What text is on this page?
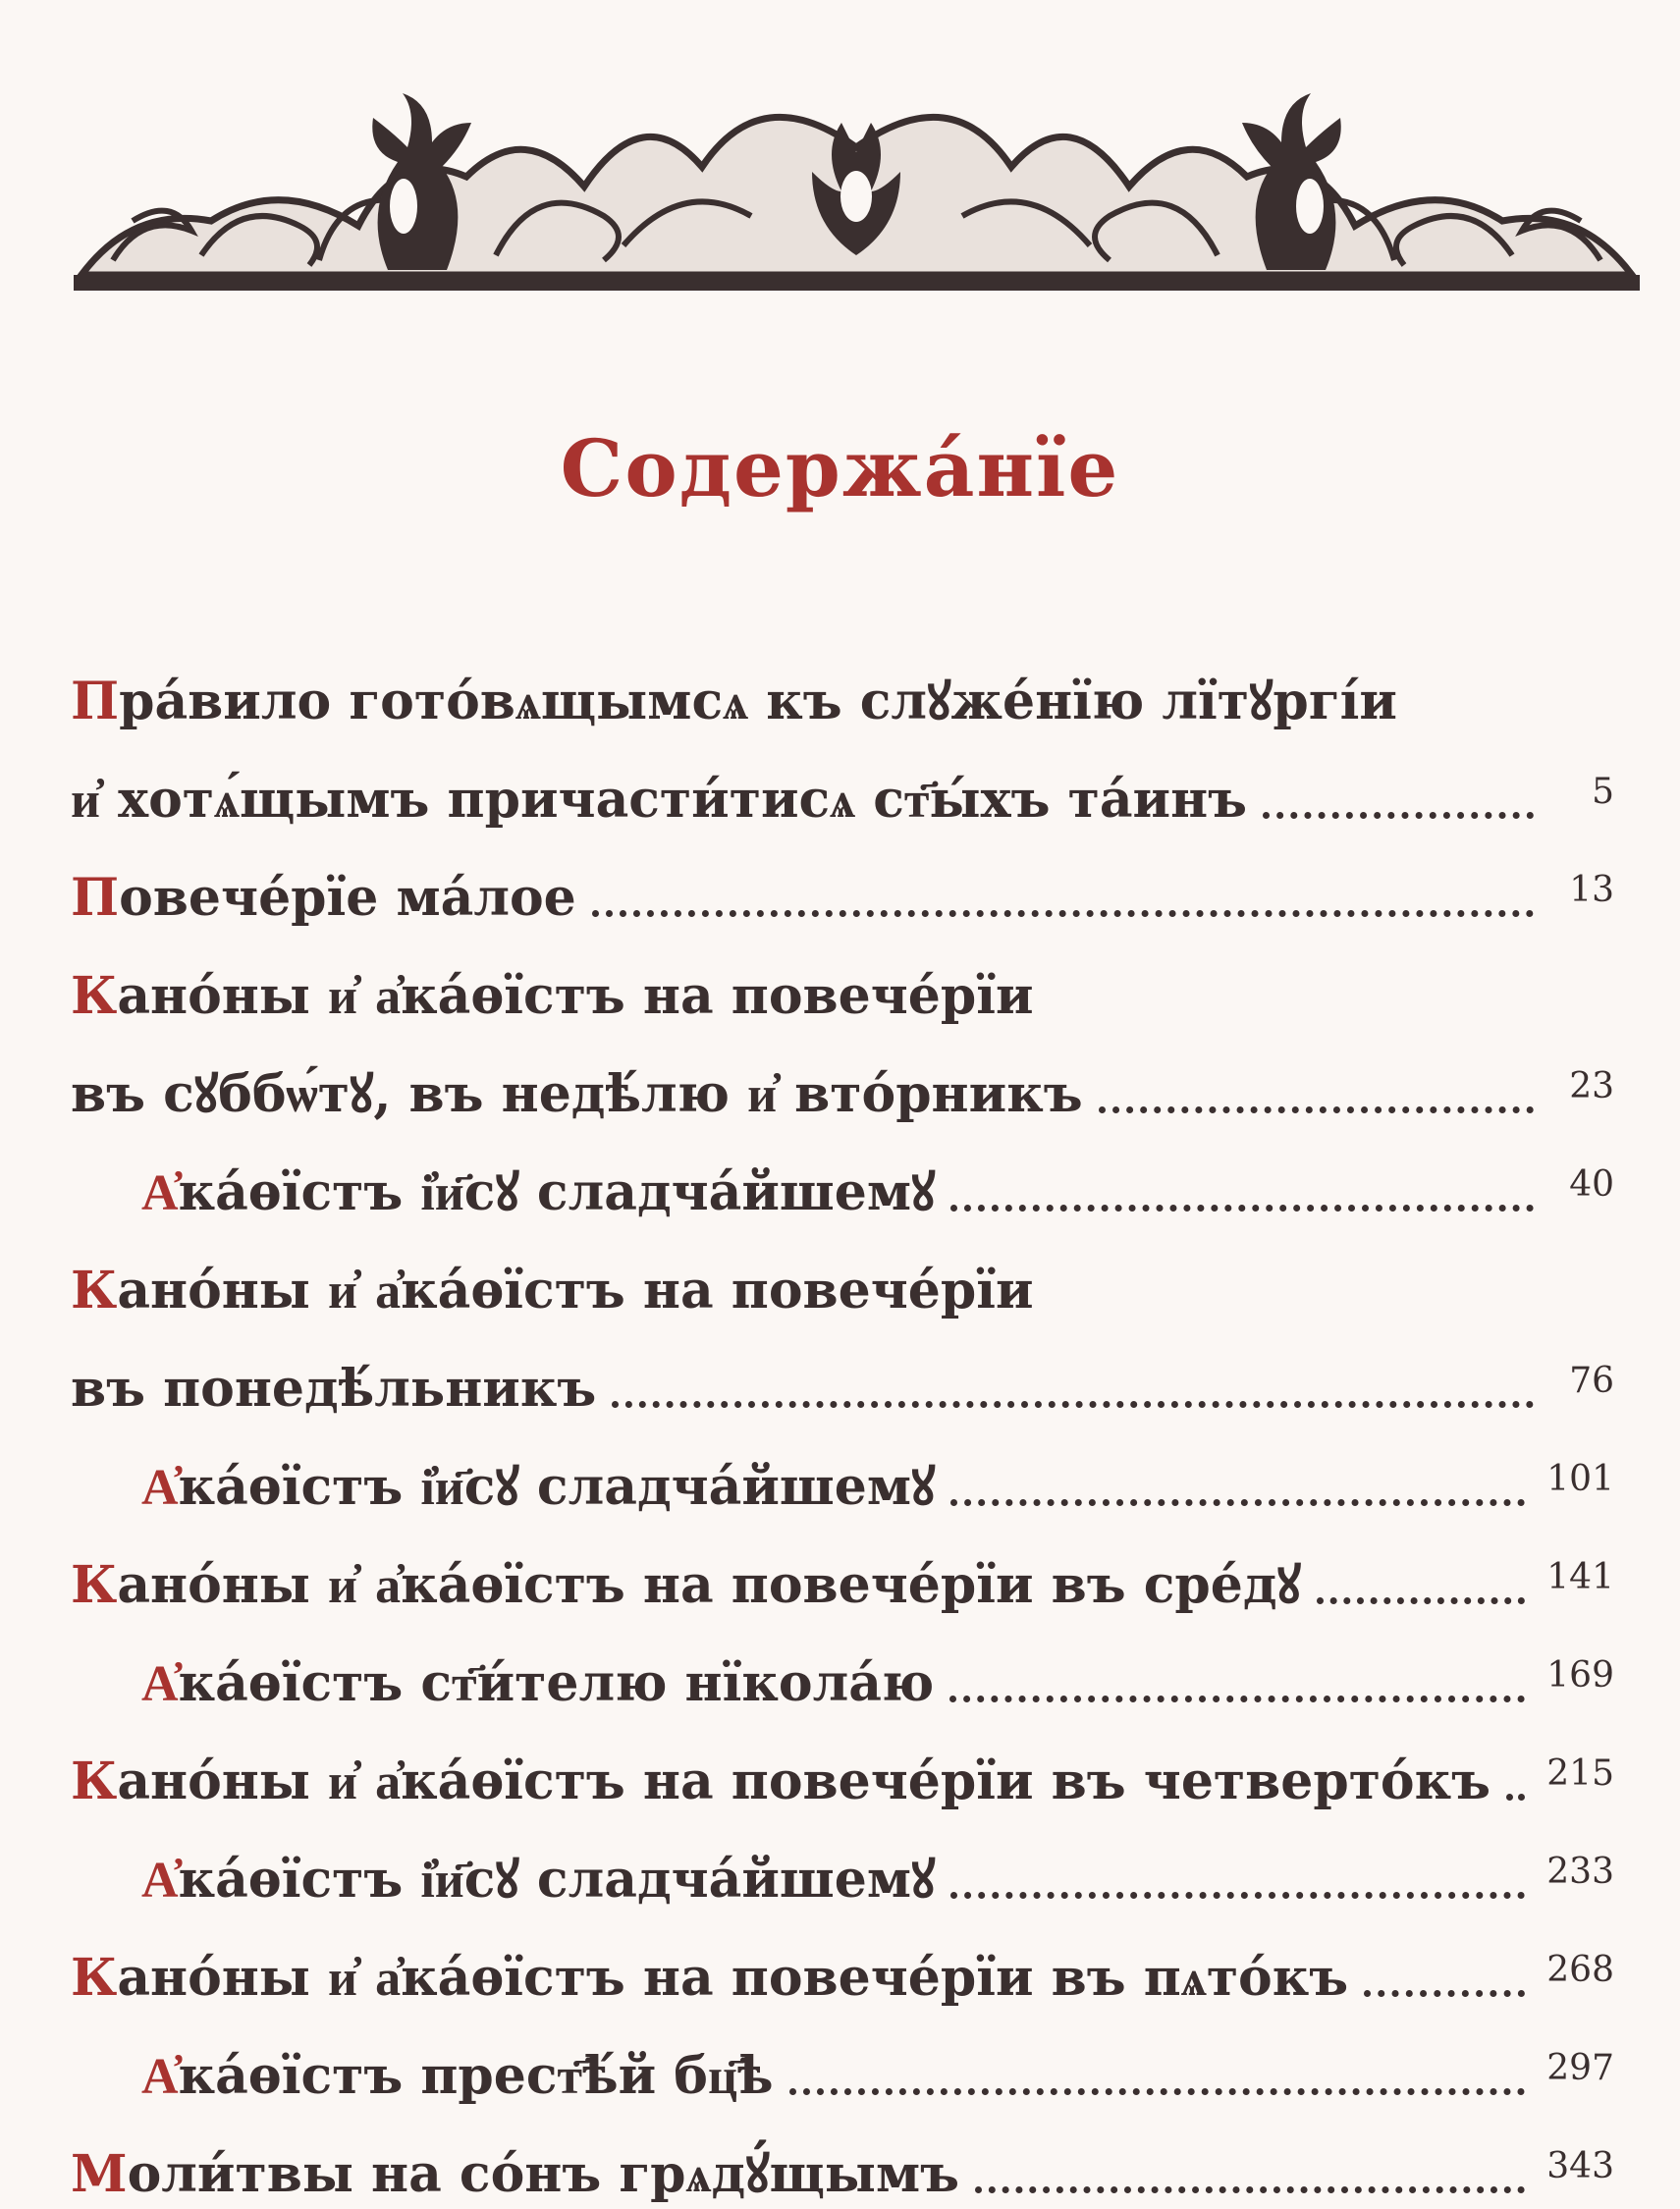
Содержа́нїе
Пра́вило гото́вѧщымсѧ къ слꙋже́нїю лїтꙋргі́и
и҆ хотѧ́щымъ причасти́тисѧ ст҃ы́хъ та́инъ	5
Повече́рїе ма́лое	13
Кано́ны и҆ а҆ка́ѳїстъ на повече́рїи
въ сꙋббѡ́тꙋ, въ недѣ́лю и҆ вто́рникъ	23
А҆ка́ѳїстъ і҆и҃сꙋ сладча́йшемꙋ	40
Кано́ны и҆ а҆ка́ѳїстъ на повече́рїи
въ понедѣ́льникъ	76
А҆ка́ѳїстъ і҆и҃сꙋ сладча́йшемꙋ	101
Кано́ны и҆ а҆ка́ѳїстъ на повече́рїи въ сре́дꙋ	141
А҆ка́ѳїстъ ст҃и́телю нїкола́ю	169
Кано́ны и҆ а҆ка́ѳїстъ на повече́рїи въ четверто́къ 215
А҆ка́ѳїстъ і҆и҃сꙋ сладча́йшемꙋ	233
Кано́ны и҆ а҆ка́ѳїстъ на повече́рїи въ пѧто́къ	268
А҆ка́ѳїстъ прест҃ѣ́й бц҃ѣ	297
Моли́твы на со́нъ грѧдꙋ́щымъ	343
